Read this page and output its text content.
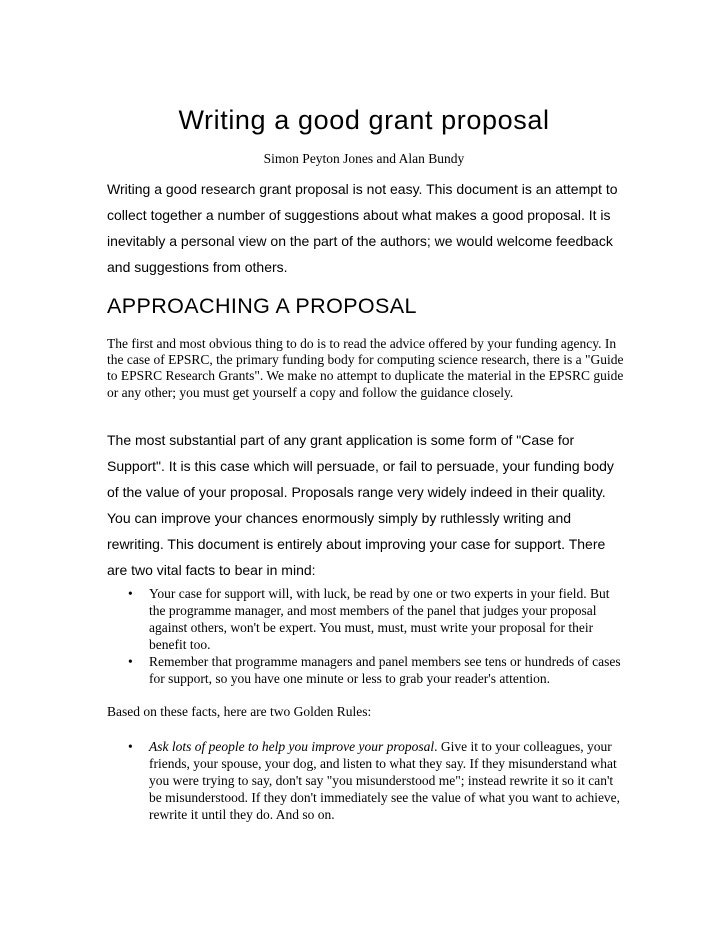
Writing a good grant proposal
Simon Peyton Jones and Alan Bundy

Writing a good research grant proposal is not easy. This document is an attempt to collect together a number of suggestions about what makes a good proposal. It is inevitably a personal view on the part of the authors; we would welcome feedback and suggestions from others.

APPROACHING A PROPOSAL

The first and most obvious thing to do is to read the advice offered by your funding agency. In the case of EPSRC, the primary funding body for computing science research, there is a "Guide to EPSRC Research Grants". We make no attempt to duplicate the material in the EPSRC guide or any other; you must get yourself a copy and follow the guidance closely.

The most substantial part of any grant application is some form of "Case for Support". It is this case which will persuade, or fail to persuade, your funding body of the value of your proposal. Proposals range very widely indeed in their quality. You can improve your chances enormously simply by ruthlessly writing and rewriting. This document is entirely about improving your case for support. There are two vital facts to bear in mind:

• Your case for support will, with luck, be read by one or two experts in your field. But the programme manager, and most members of the panel that judges your proposal against others, won't be expert. You must, must, must write your proposal for their benefit too.
• Remember that programme managers and panel members see tens or hundreds of cases for support, so you have one minute or less to grab your reader's attention.

Based on these facts, here are two Golden Rules:

• Ask lots of people to help you improve your proposal. Give it to your colleagues, your friends, your spouse, your dog, and listen to what they say. If they misunderstand what you were trying to say, don't say "you misunderstood me"; instead rewrite it so it can't be misunderstood. If they don't immediately see the value of what you want to achieve, rewrite it until they do. And so on.
